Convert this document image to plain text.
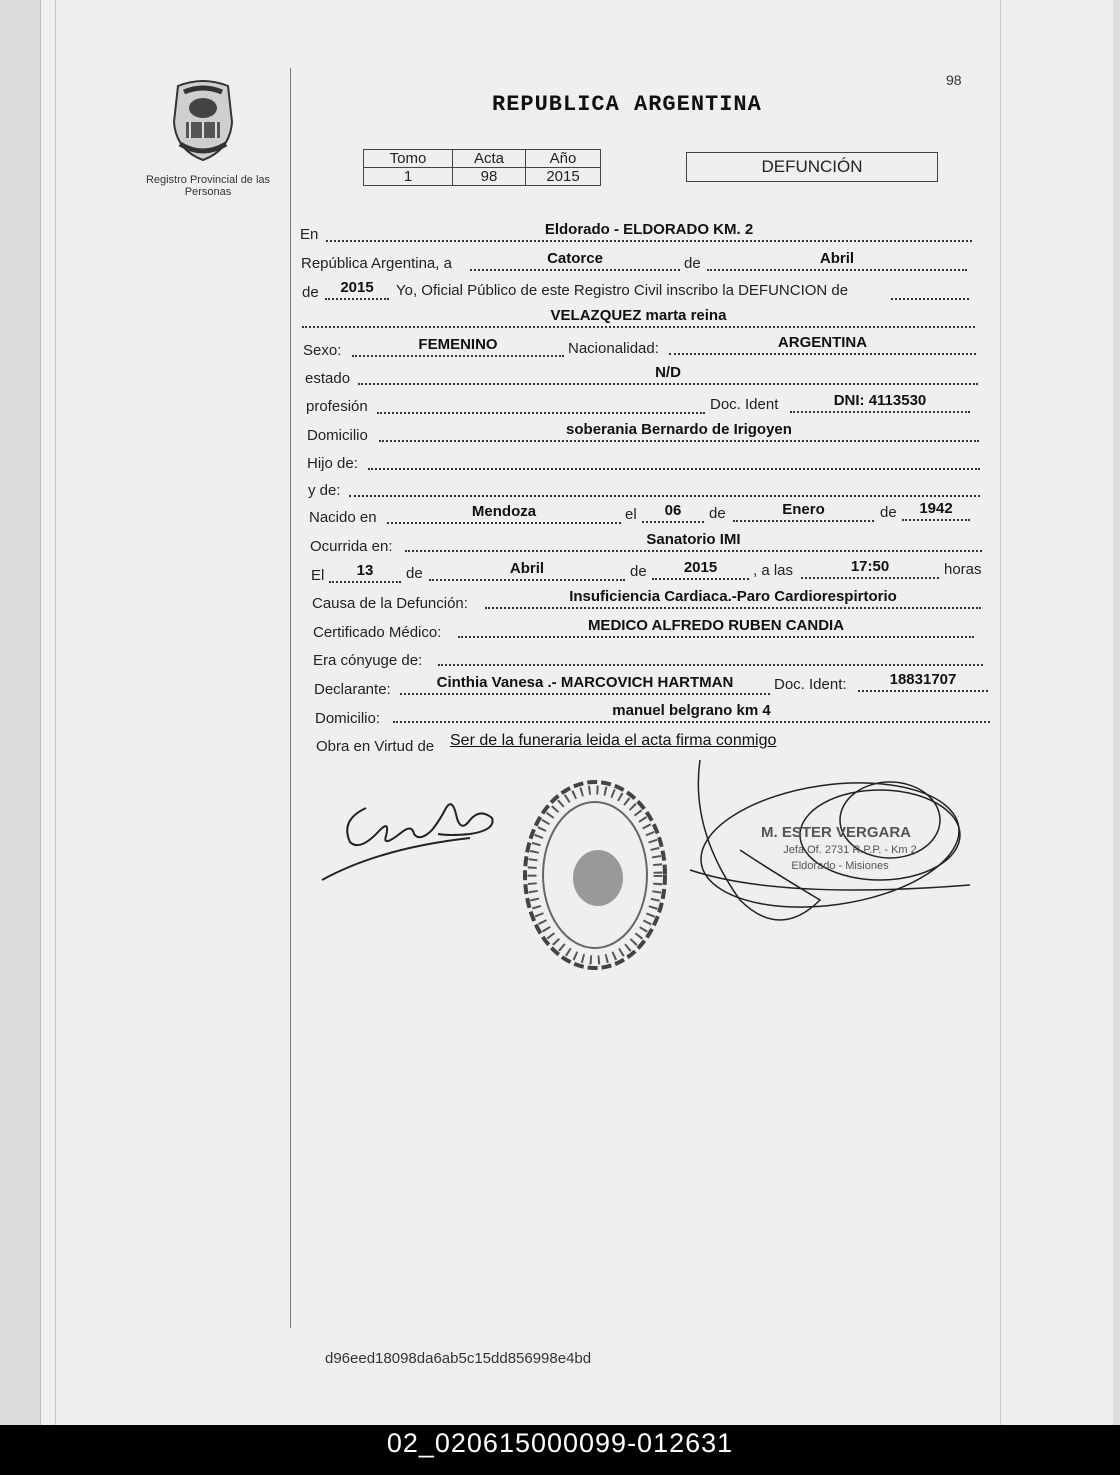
98
Registro Provincial de las Personas
REPUBLICA ARGENTINA
Tomo	Acta	Año
1	98	2015
DEFUNCIÓN
En	Eldorado - ELDORADO KM. 2
República Argentina, a	Catorce	de	Abril
de	2015	Yo, Oficial Público de este Registro Civil inscribo la DEFUNCION de
VELAZQUEZ marta reina
Sexo:	FEMENINO	Nacionalidad:	ARGENTINA
estado	N/D
profesión	Doc. Ident	DNI: 4113530
Domicilio	soberania Bernardo de Irigoyen
Hijo de:
y de:
Nacido en	Mendoza	el	06	de	Enero	de	1942
Ocurrida en:	Sanatorio IMI
El	13	de	Abril	de	2015	, a las	17:50	horas
Causa de la Defunción:	Insuficiencia Cardiaca.-Paro Cardiorespirtorio
Certificado Médico:	MEDICO ALFREDO RUBEN CANDIA
Era cónyuge de:
Declarante:	Cinthia Vanesa .- MARCOVICH HARTMAN	Doc. Ident:	18831707
Domicilio:	manuel belgrano km 4
Obra en Virtud de Ser de la funeraria leida el acta firma conmigo
M. ESTER VERGARA
Jefa Of. 2731 R.P.P. - Km 2
Eldorado - Misiones
d96eed18098da6ab5c15dd856998e4bd
02_020615000099-012631
